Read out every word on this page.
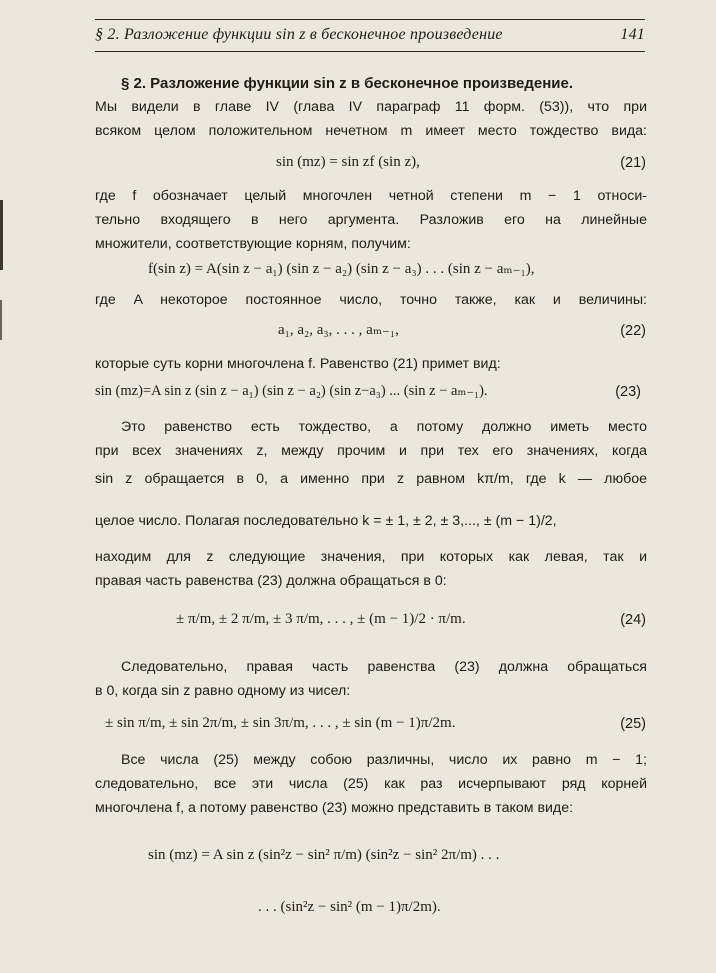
§ 2. Разложение функции sin z в бесконечное произведение	141
§ 2. Разложение функции sin z в бесконечное произведение.
Мы видели в главе IV (глава IV параграф 11 форм. (53)), что при
всяком целом положительном нечетном m имеет место тождество вида:
sin (mz) = sin zf (sin z),	(21)
где f обозначает целый многочлен четной степени m − 1 относи-
тельно входящего в него аргумента. Разложив его на линейные
множители, соответствующие корням, получим:
f(sin z) = A(sin z − a₁) (sin z − a₂) (sin z − a₃) . . . (sin z − aₘ₋₁),
где A некоторое постоянное число, точно также, как и величины:
a₁, a₂, a₃, . . . , aₘ₋₁,	(22)
которые суть корни многочлена f. Равенство (21) примет вид:
sin (mz)=A sin z (sin z − a₁) (sin z − a₂) (sin z−a₃) ... (sin z − aₘ₋₁).	(23)
Это равенство есть тождество, а потому должно иметь место
при всех значениях z, между прочим и при тех его значениях, когда
sin z обращается в 0, а именно при z равном kπ/m, где k — любое
целое число. Полагая последовательно k = ± 1, ± 2, ± 3,..., ± (m − 1)/2,
находим для z следующие значения, при которых как левая, так и
правая часть равенства (23) должна обращаться в 0:
± π/m, ± 2 π/m, ± 3 π/m, . . . , ± (m − 1)/2 · π/m.	(24)
Следовательно, правая часть равенства (23) должна обращаться
в 0, когда sin z равно одному из чисел:
± sin π/m, ± sin 2π/m, ± sin 3π/m, . . . , ± sin (m − 1)π/2m.	(25)
Все числа (25) между собою различны, число их равно m − 1;
следовательно, все эти числа (25) как раз исчерпывают ряд корней
многочлена f, а потому равенство (23) можно представить в таком виде:
sin (mz) = A sin z (sin²z − sin² π/m) (sin²z − sin² 2π/m) . . .
. . . (sin²z − sin² (m − 1)π/2m).
